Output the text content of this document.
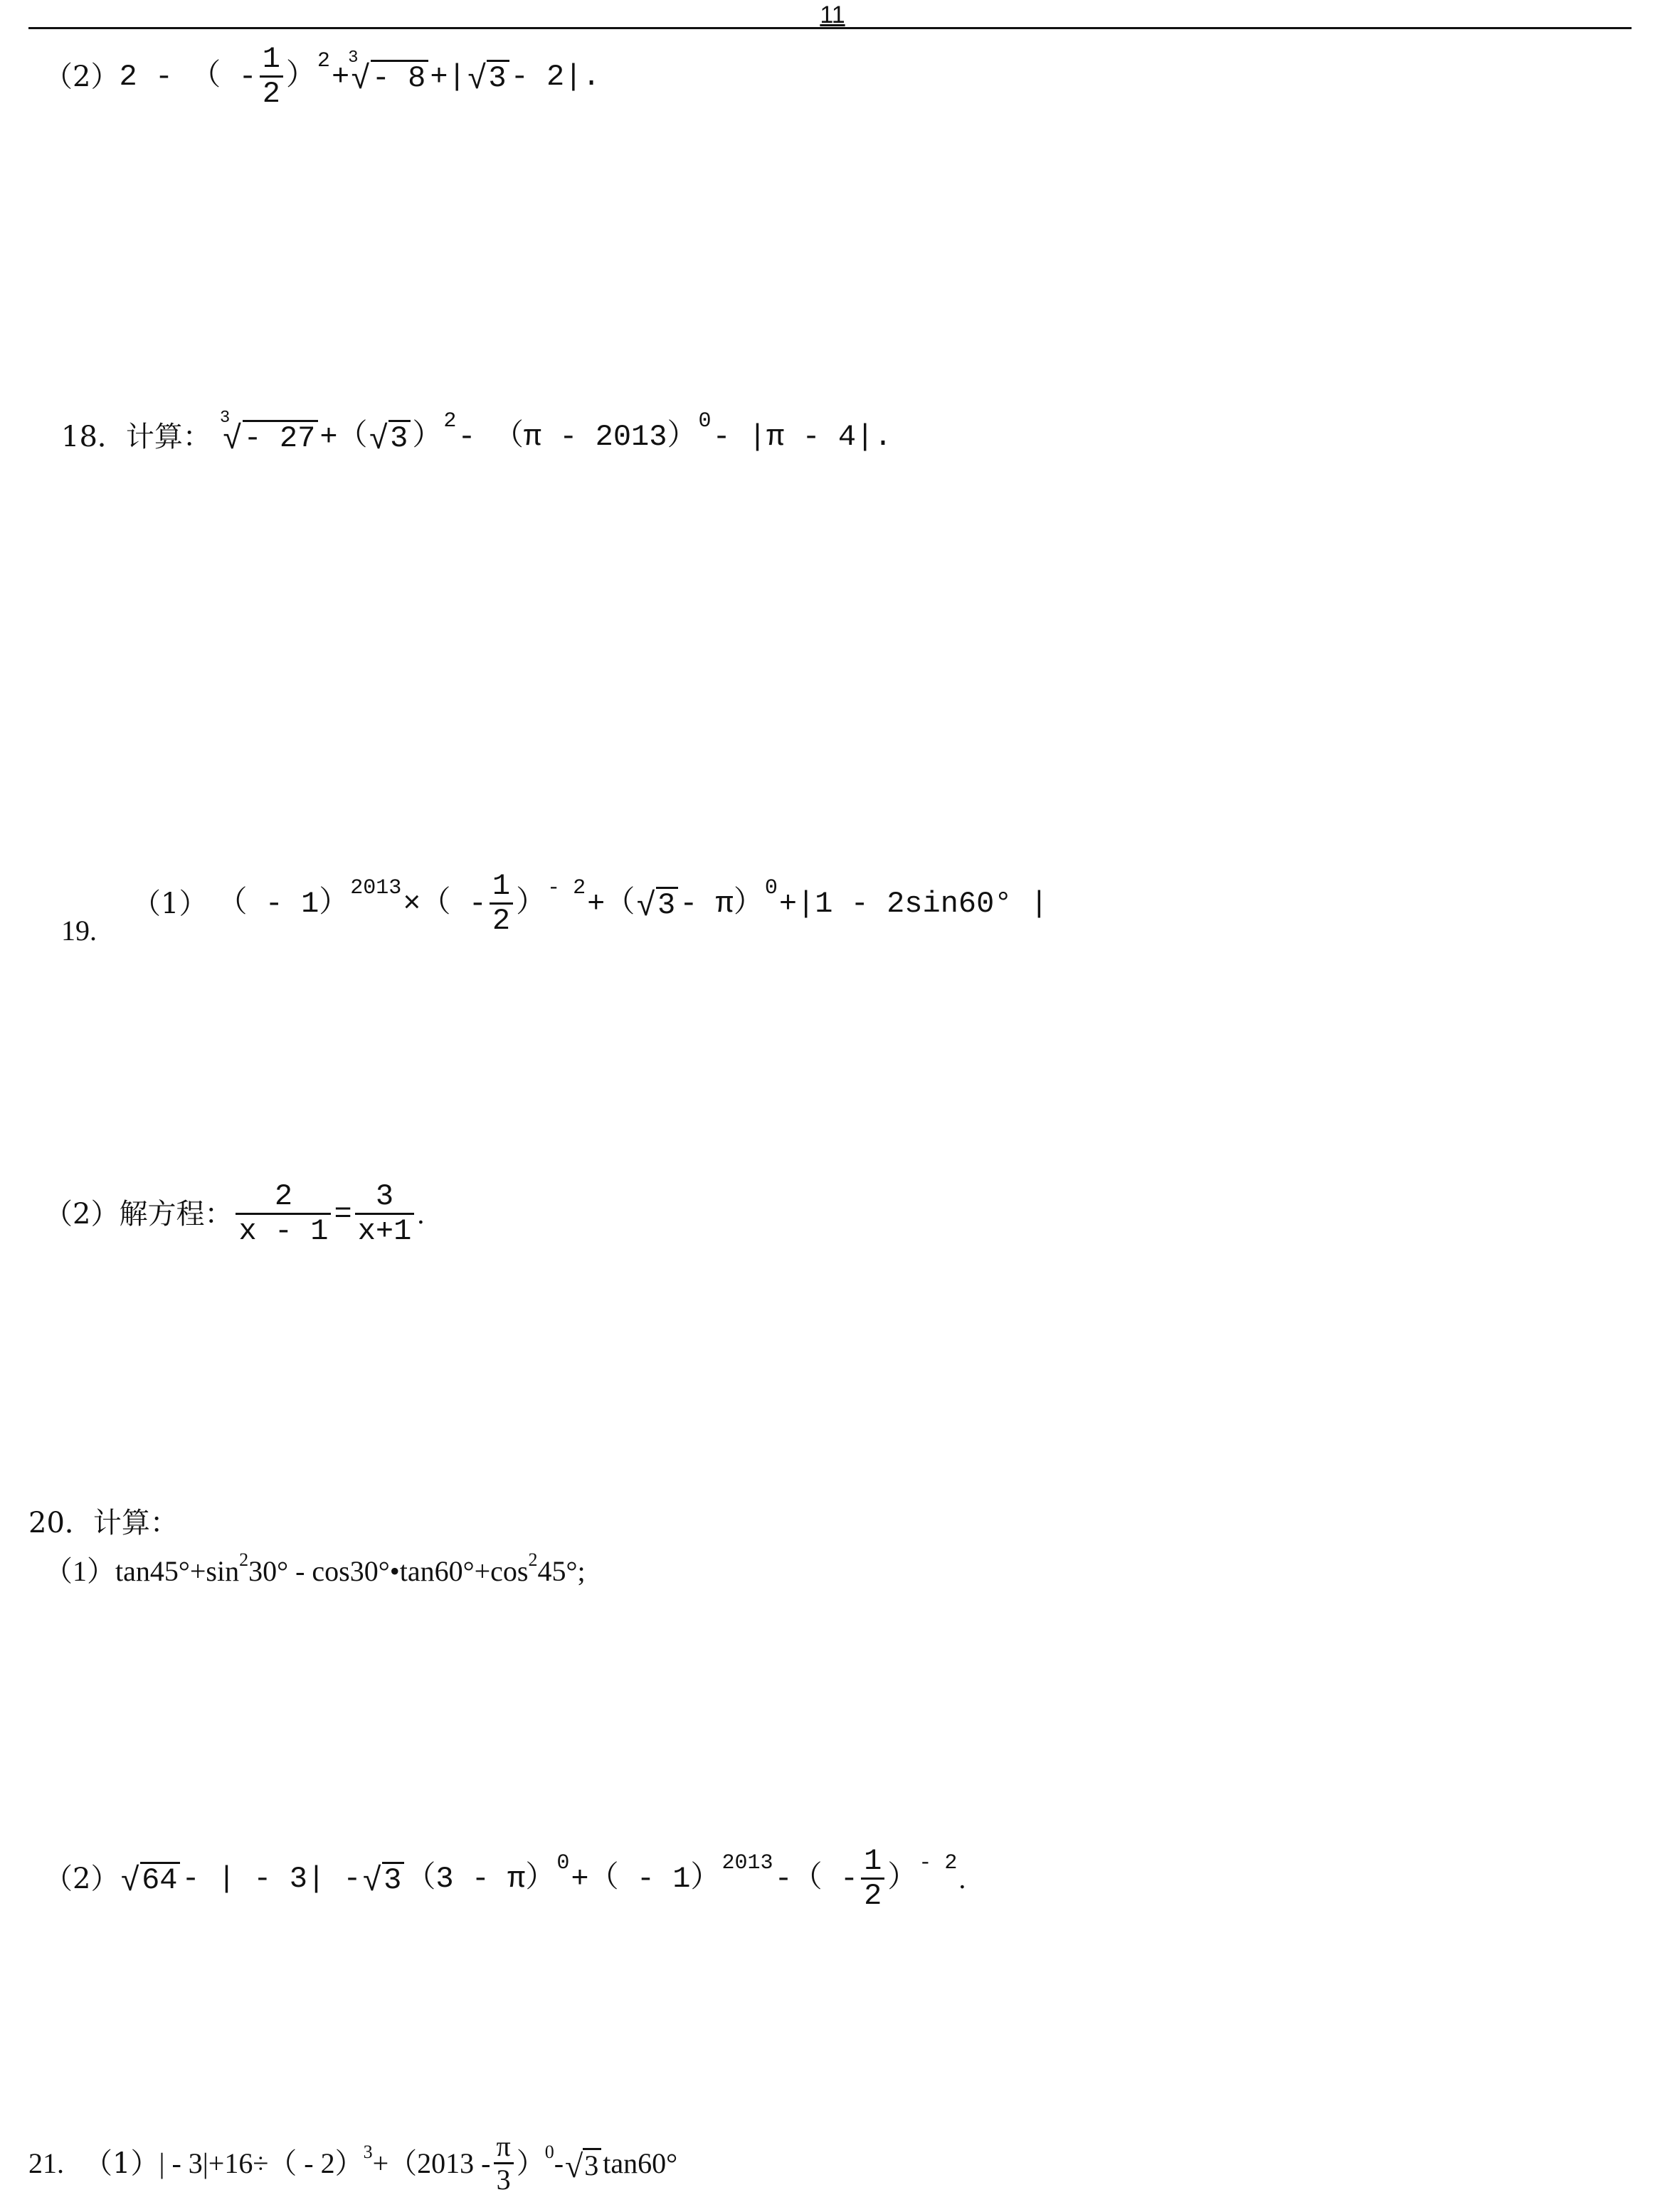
11
（2） 2 - （ - $\frac{1}{2}$ ） 2 +
3
√ - 8 +| √ 3 - 2|.
18．计算：
3
√ - 27 +（ √ 3 ） 2 - （π - 2013） 0 - |π - 4|.
19.
（1） （ - 1） 2013 ×（ - $\frac{1}{2}$ ） - 2 +（ √ 3 - π） 0 +|1 - 2sin60° |
（2）解方程： $\frac{2}{x - 1} = \frac{3}{x+1}$ .
20．计算：
（1）tan45°+sin 2 30° - cos30°•tan60°+cos 2 45°;
（2） √ 64 - | - 3| - √ 3 （3 - π） 0 +（ - 1） 2013 -（ - $\frac{1}{2}$ ） - 2 .
21. （1） | - 3|+16÷（ - 2） $3 +(2013 - \frac{\pi}{3}$ ） 0 - √ 3 tan60°
